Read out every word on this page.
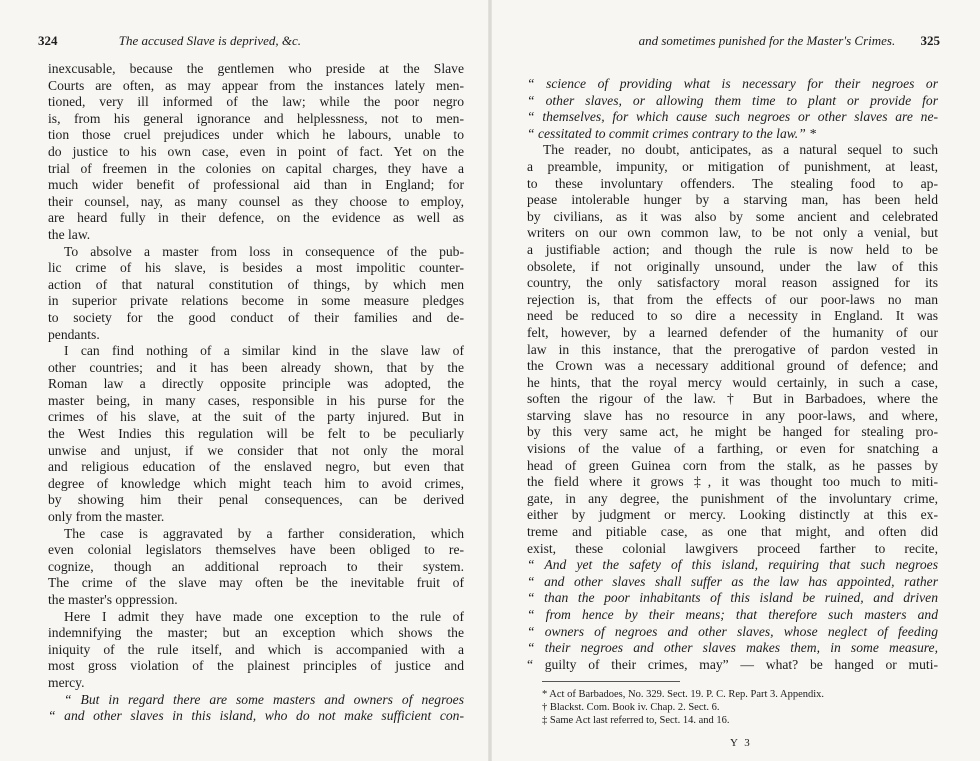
324	The accused Slave is deprived, &c.
inexcusable, because the gentlemen who preside at the Slave
Courts are often, as may appear from the instances lately men-
tioned, very ill informed of the law; while the poor negro
is, from his general ignorance and helplessness, not to men-
tion those cruel prejudices under which he labours, unable to
do justice to his own case, even in point of fact. Yet on the
trial of freemen in the colonies on capital charges, they have a
much wider benefit of professional aid than in England; for
their counsel, nay, as many counsel as they choose to employ,
are heard fully in their defence, on the evidence as well as
the law.
To absolve a master from loss in consequence of the pub-
lic crime of his slave, is besides a most impolitic counter-
action of that natural constitution of things, by which men
in superior private relations become in some measure pledges
to society for the good conduct of their families and de-
pendants.
I can find nothing of a similar kind in the slave law of
other countries; and it has been already shown, that by the
Roman law a directly opposite principle was adopted, the
master being, in many cases, responsible in his purse for the
crimes of his slave, at the suit of the party injured. But in
the West Indies this regulation will be felt to be peculiarly
unwise and unjust, if we consider that not only the moral
and religious education of the enslaved negro, but even that
degree of knowledge which might teach him to avoid crimes,
by showing him their penal consequences, can be derived
only from the master.
The case is aggravated by a farther consideration, which
even colonial legislators themselves have been obliged to re-
cognize, though an additional reproach to their system.
The crime of the slave may often be the inevitable fruit of
the master's oppression.
Here I admit they have made one exception to the rule of
indemnifying the master; but an exception which shows the
iniquity of the rule itself, and which is accompanied with a
most gross violation of the plainest principles of justice and
mercy.
“ But in regard there are some masters and owners of negroes
“ and other slaves in this island, who do not make sufficient con-
and sometimes punished for the Master's Crimes. 325
“ science of providing what is necessary for their negroes or
“ other slaves, or allowing them time to plant or provide for
“ themselves, for which cause such negroes or other slaves are ne-
“ cessitated to commit crimes contrary to the law.” *
The reader, no doubt, anticipates, as a natural sequel to such
a preamble, impunity, or mitigation of punishment, at least,
to these involuntary offenders. The stealing food to ap-
pease intolerable hunger by a starving man, has been held
by civilians, as it was also by some ancient and celebrated
writers on our own common law, to be not only a venial, but
a justifiable action; and though the rule is now held to be
obsolete, if not originally unsound, under the law of this
country, the only satisfactory moral reason assigned for its
rejection is, that from the effects of our poor-laws no man
need be reduced to so dire a necessity in England. It was
felt, however, by a learned defender of the humanity of our
law in this instance, that the prerogative of pardon vested in
the Crown was a necessary additional ground of defence; and
he hints, that the royal mercy would certainly, in such a case,
soften the rigour of the law. † But in Barbadoes, where the
starving slave has no resource in any poor-laws, and where,
by this very same act, he might be hanged for stealing pro-
visions of the value of a farthing, or even for snatching a
head of green Guinea corn from the stalk, as he passes by
the field where it grows ‡, it was thought too much to miti-
gate, in any degree, the punishment of the involuntary crime,
either by judgment or mercy. Looking distinctly at this ex-
treme and pitiable case, as one that might, and often did
exist, these colonial lawgivers proceed farther to recite,
“ And yet the safety of this island, requiring that such negroes
“ and other slaves shall suffer as the law has appointed, rather
“ than the poor inhabitants of this island be ruined, and driven
“ from hence by their means; that therefore such masters and
“ owners of negroes and other slaves, whose neglect of feeding
“ their negroes and other slaves makes them, in some measure,
“ guilty of their crimes, may” — what? be hanged or muti-
* Act of Barbadoes, No. 329. Sect. 19. P. C. Rep. Part 3. Appendix.
† Blackst. Com. Book iv. Chap. 2. Sect. 6.
‡ Same Act last referred to, Sect. 14. and 16.
Y 3
